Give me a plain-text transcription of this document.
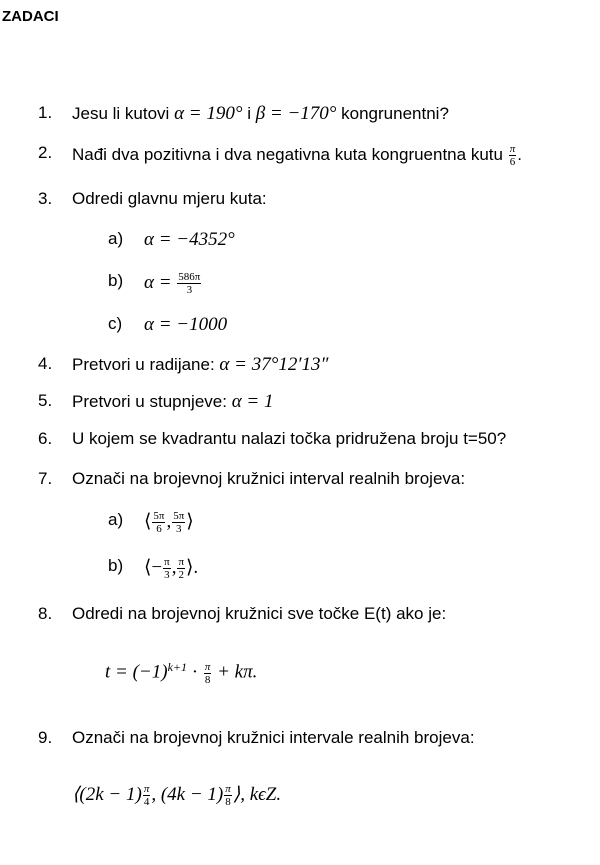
ZADACI
1.	Jesu li kutovi α = 190° i β = −170° kongrunentni?
2.	Nađi dva pozitivna i dva negativna kuta kongruentna kutu $\frac{\pi}{6}$ .
3.	Odredi glavnu mjeru kuta:
a) α = −4352°
b) $\alpha = \frac{586\pi}{3}$
c) α = −1000
4.	Pretvori u radijane: α = 37°12′13″
5.	Pretvori u stupnjeve: α = 1
6.	U kojem se kvadrantu nalazi točka pridružena broju t=50?
7.	Označi na brojevnoj kružnici interval realnih brojeva:
a) ⟨ $\frac{5\pi}{6}$ , $\frac{5\pi}{3}$ ⟩
b) ⟨− $\frac{\pi}{3}$ , $\frac{\pi}{2}$ ⟩.
8.	Odredi na brojevnoj kružnici sve točke E(t) ako je:
$t = (-1)^{k+1} \cdot \frac{\pi}{8} + k\pi$.
9.	Označi na brojevnoj kružnici intervale realnih brojeva:
⟨(2k − $1) \frac{\pi}{4}$ , $(4k - 1) \frac{\pi}{8}$ ⟩, kϵZ.
